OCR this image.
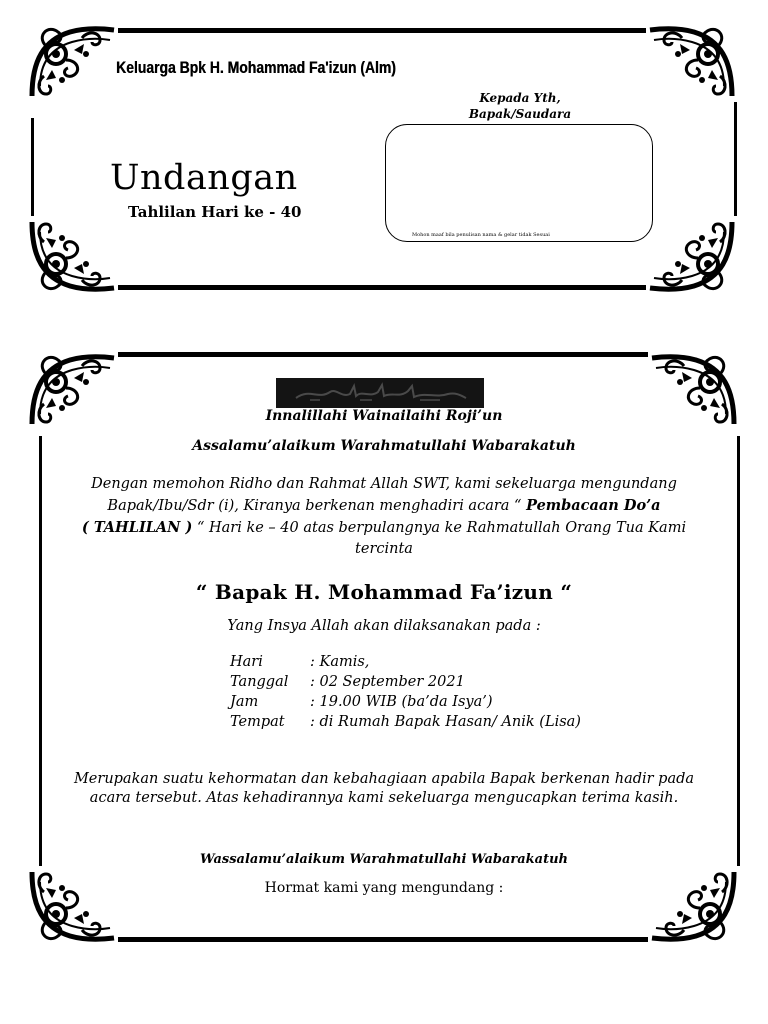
Keluarga Bpk H. Mohammad Fa'izun (Alm)
Undangan
Tahlilan Hari ke - 40
Kepada Yth,
Bapak/Saudara
Mohon maaf bila penulisan nama & gelar tidak Sesuai
Innalillahi Wainailaihi Roji’un
Assalamu’alaikum Warahmatullahi Wabarakatuh
Dengan memohon Ridho dan Rahmat Allah SWT, kami sekeluarga mengundang Bapak/Ibu/Sdr (i), Kiranya berkenan menghadiri acara “ Pembacaan Do’a
( TAHLILAN ) “ Hari ke – 40 atas berpulangnya ke Rahmatullah Orang Tua Kami tercinta
“ Bapak H. Mohammad Fa’izun “
Yang Insya Allah akan dilaksanakan pada :
Hari	: Kamis,
Tanggal	: 02 September 2021
Jam	: 19.00 WIB (ba’da Isya’)
Tempat	: di Rumah Bapak Hasan/ Anik (Lisa)
Merupakan suatu kehormatan dan kebahagiaan apabila Bapak berkenan hadir pada acara tersebut. Atas kehadirannya kami sekeluarga mengucapkan terima kasih.
Wassalamu’alaikum Warahmatullahi Wabarakatuh
Hormat kami yang mengundang :
